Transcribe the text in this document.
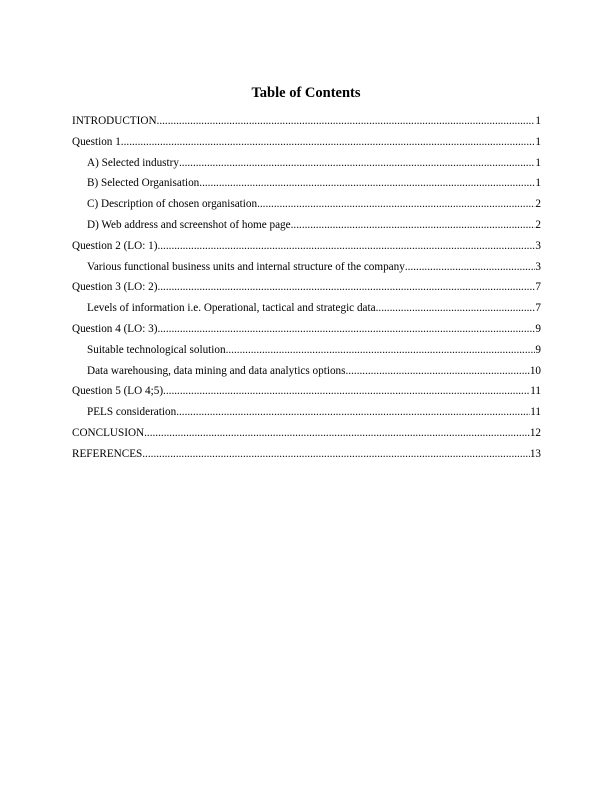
Table of Contents
INTRODUCTION .....	1
Question 1 .....	1
A) Selected industry .....	1
B) Selected Organisation .....	1
C) Description of chosen organisation .....	2
D) Web address and screenshot of home page .....	2
Question 2 (LO: 1) .....	3
Various functional business units and internal structure of the company .....	3
Question 3 (LO: 2) .....	7
Levels of information i.e. Operational, tactical and strategic data .....	7
Question 4 (LO: 3) .....	9
Suitable technological solution .....	9
Data warehousing, data mining and data analytics options .....	10
Question 5 (LO 4;5) .....	11
PELS consideration .....	11
CONCLUSION .....	12
REFERENCES .....	13
